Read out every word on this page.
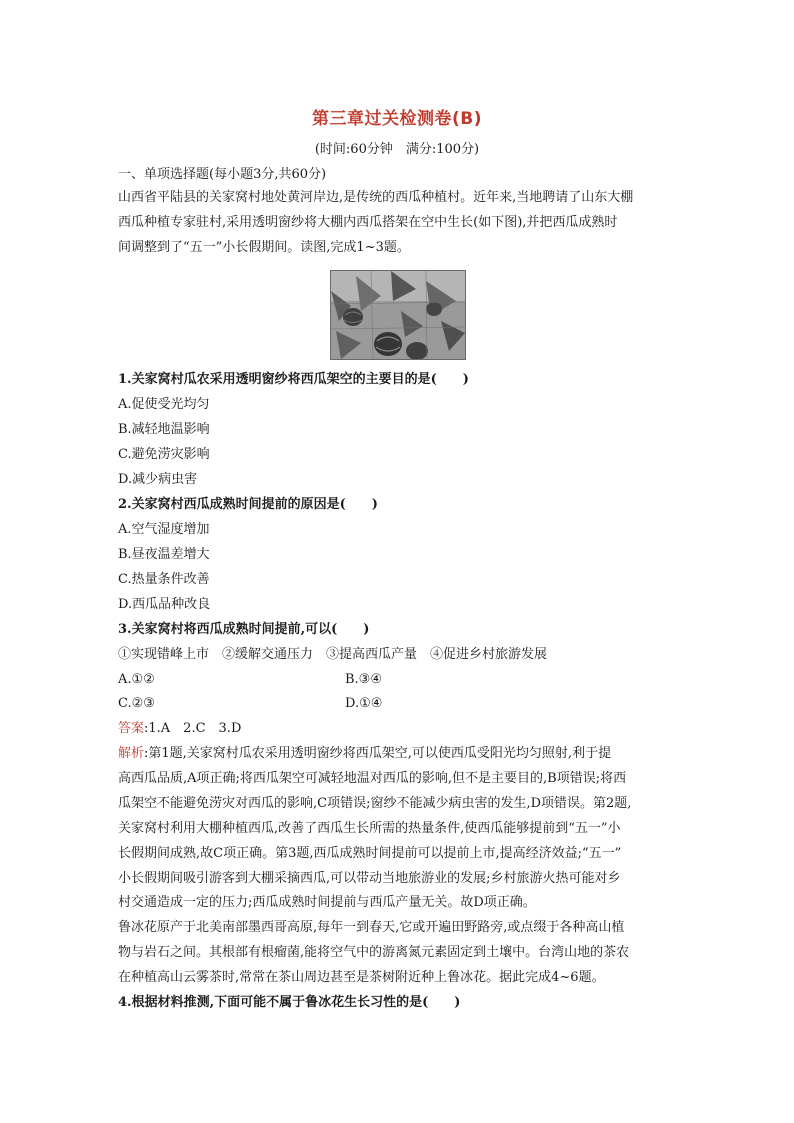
第三章过关检测卷(B)
(时间:60分钟　满分:100分)
一、单项选择题(每小题3分,共60分)
山西省平陆县的关家窝村地处黄河岸边,是传统的西瓜种植村。近年来,当地聘请了山东大棚
西瓜种植专家驻村,采用透明窗纱将大棚内西瓜搭架在空中生长(如下图),并把西瓜成熟时
间调整到了“五一”小长假期间。读图,完成1~3题。
1.关家窝村瓜农采用透明窗纱将西瓜架空的主要目的是(　　)
A.促使受光均匀
B.减轻地温影响
C.避免涝灾影响
D.减少病虫害
2.关家窝村西瓜成熟时间提前的原因是(　　)
A.空气湿度增加
B.昼夜温差增大
C.热量条件改善
D.西瓜品种改良
3.关家窝村将西瓜成熟时间提前,可以(　　)
①实现错峰上市　②缓解交通压力　③提高西瓜产量　④促进乡村旅游发展
A.①②	B.③④
C.②③	D.①④
答案:1.A　2.C　3.D
解析:第1题,关家窝村瓜农采用透明窗纱将西瓜架空,可以使西瓜受阳光均匀照射,利于提
高西瓜品质,A项正确;将西瓜架空可减轻地温对西瓜的影响,但不是主要目的,B项错误;将西
瓜架空不能避免涝灾对西瓜的影响,C项错误;窗纱不能减少病虫害的发生,D项错误。第2题,
关家窝村利用大棚种植西瓜,改善了西瓜生长所需的热量条件,使西瓜能够提前到“五一”小
长假期间成熟,故C项正确。第3题,西瓜成熟时间提前可以提前上市,提高经济效益;“五一”
小长假期间吸引游客到大棚采摘西瓜,可以带动当地旅游业的发展;乡村旅游火热可能对乡
村交通造成一定的压力;西瓜成熟时间提前与西瓜产量无关。故D项正确。
鲁冰花原产于北美南部墨西哥高原,每年一到春天,它或开遍田野路旁,或点缀于各种高山植
物与岩石之间。其根部有根瘤菌,能将空气中的游离氮元素固定到土壤中。台湾山地的茶农
在种植高山云雾茶时,常常在茶山周边甚至是茶树附近种上鲁冰花。据此完成4~6题。
4.根据材料推测,下面可能不属于鲁冰花生长习性的是(　　)
